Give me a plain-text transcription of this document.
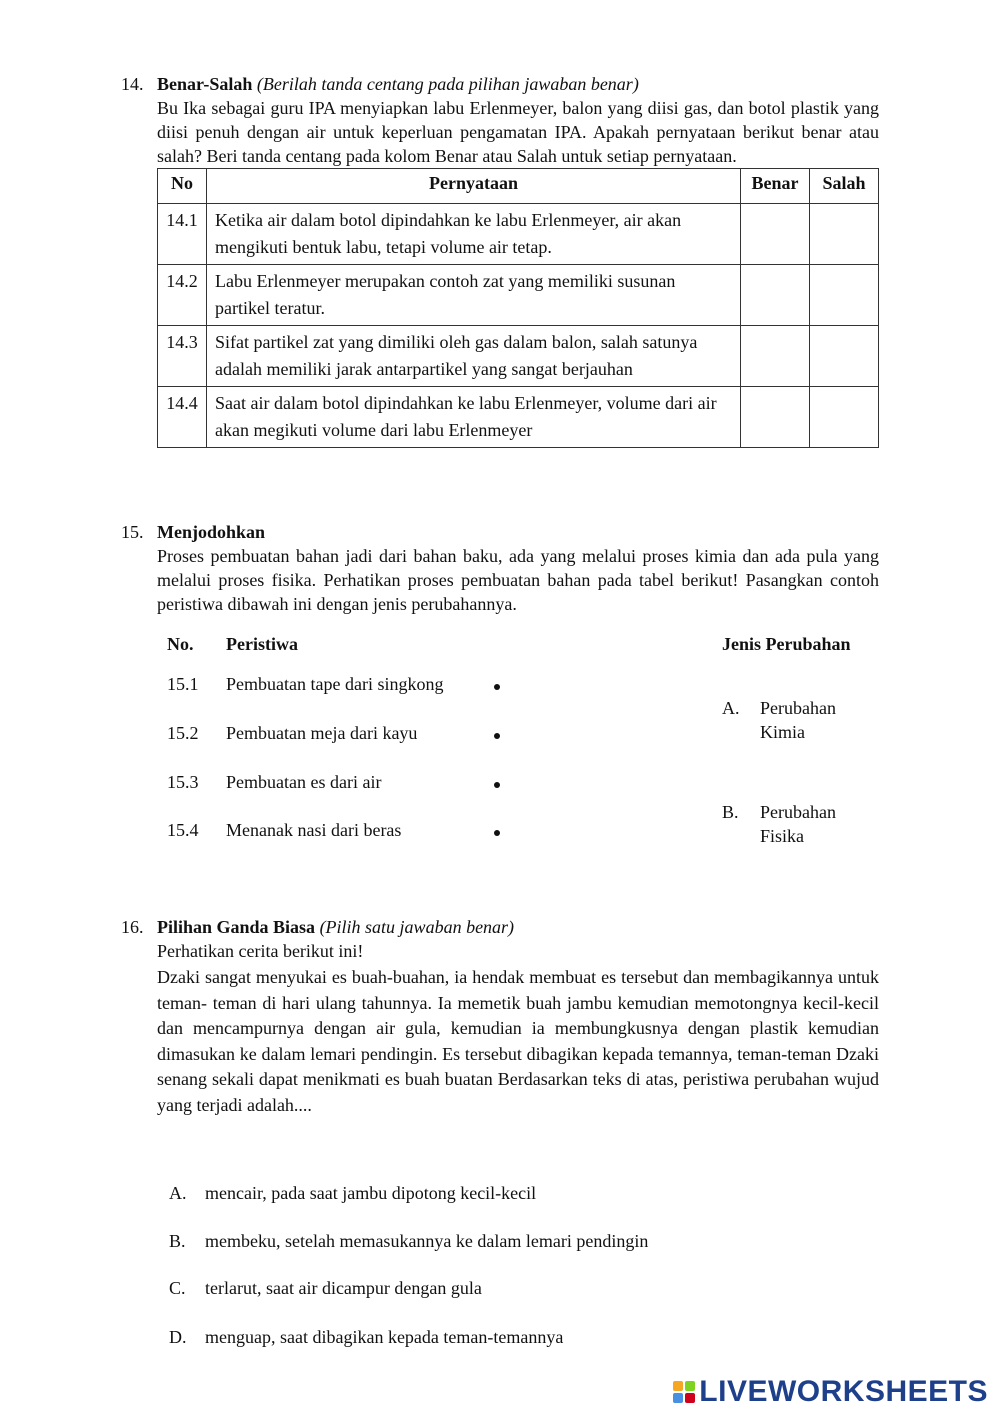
14. Benar-Salah (Berilah tanda centang pada pilihan jawaban benar)

Bu Ika sebagai guru IPA menyiapkan labu Erlenmeyer, balon yang diisi gas, dan botol plastik yang diisi penuh dengan air untuk keperluan pengamatan IPA. Apakah pernyataan berikut benar atau salah? Beri tanda centang pada kolom Benar atau Salah untuk setiap pernyataan.

No	Pernyataan	Benar	Salah
14.1	Ketika air dalam botol dipindahkan ke labu Erlenmeyer, air akan mengikuti bentuk labu, tetapi volume air tetap.		
14.2	Labu Erlenmeyer merupakan contoh zat yang memiliki susunan partikel teratur.		
14.3	Sifat partikel zat yang dimiliki oleh gas dalam balon, salah satunya adalah memiliki jarak antarpartikel yang sangat berjauhan		
14.4	Saat air dalam botol dipindahkan ke labu Erlenmeyer, volume dari air akan megikuti volume dari labu Erlenmeyer		
15. Menjodohkan

Proses pembuatan bahan jadi dari bahan baku, ada yang melalui proses kimia dan ada pula yang melalui proses fisika. Perhatikan proses pembuatan bahan pada tabel berikut! Pasangkan contoh peristiwa dibawah ini dengan jenis perubahannya.

No. Peristiwa	Jenis Perubahan
15.1 Pembuatan tape dari singkong
15.2 Pembuatan meja dari kayu
15.3 Pembuatan es dari air
15.4 Menanak nasi dari beras
A. Perubahan
Kimia
B. Perubahan
Fisika
16. Pilihan Ganda Biasa (Pilih satu jawaban benar)
Perhatikan cerita berikut ini!

Dzaki sangat menyukai es buah-buahan, ia hendak membuat es tersebut dan membagikannya untuk teman- teman di hari ulang tahunnya. Ia memetik buah jambu kemudian memotongnya kecil-kecil dan mencampurnya dengan air gula, kemudian ia membungkusnya dengan plastik kemudian dimasukan ke dalam lemari pendingin. Es tersebut dibagikan kepada temannya, teman-teman Dzaki senang sekali dapat menikmati es buah buatan Berdasarkan teks di atas, peristiwa perubahan wujud yang terjadi adalah....

A. mencair, pada saat jambu dipotong kecil-kecil
B. membeku, setelah memasukannya ke dalam lemari pendingin
C. terlarut, saat air dicampur dengan gula
D. menguap, saat dibagikan kepada teman-temannya
LIVEWORKSHEETS
